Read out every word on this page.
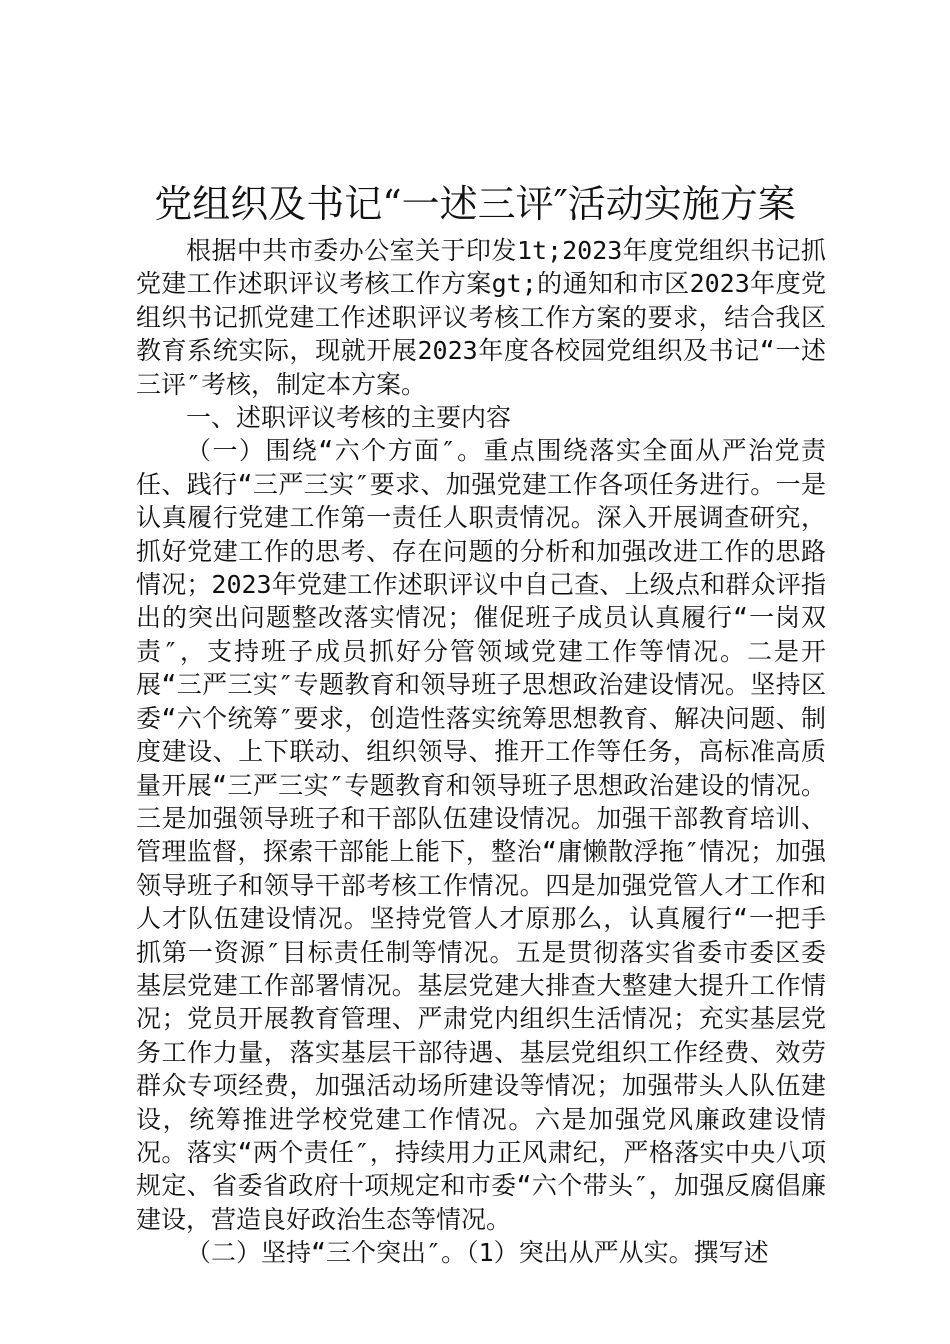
党组织及书记“一述三评″活动实施方案

根据中共市委办公室关于印发1t;2023年度党组织书记抓党建工作述职评议考核工作方案gt;的通知和市区2023年度党组织书记抓党建工作述职评议考核工作方案的要求，结合我区教育系统实际，现就开展2023年度各校园党组织及书记“一述三评″考核，制定本方案。

一、述职评议考核的主要内容

（一）围绕“六个方面″。重点围绕落实全面从严治党责任、践行“三严三实″要求、加强党建工作各项任务进行。一是认真履行党建工作第一责任人职责情况。深入开展调查研究，抓好党建工作的思考、存在问题的分析和加强改进工作的思路情况；2023年党建工作述职评议中自己查、上级点和群众评指出的突出问题整改落实情况；催促班子成员认真履行“一岗双责″，支持班子成员抓好分管领域党建工作等情况。二是开展“三严三实″专题教育和领导班子思想政治建设情况。坚持区委“六个统筹″要求，创造性落实统筹思想教育、解决问题、制度建设、上下联动、组织领导、推开工作等任务，高标准高质量开展“三严三实″专题教育和领导班子思想政治建设的情况。三是加强领导班子和干部队伍建设情况。加强干部教育培训、管理监督，探索干部能上能下，整治“庸懒散浮拖″情况；加强领导班子和领导干部考核工作情况。四是加强党管人才工作和人才队伍建设情况。坚持党管人才原那么，认真履行“一把手抓第一资源″目标责任制等情况。五是贯彻落实省委市委区委基层党建工作部署情况。基层党建大排查大整建大提升工作情况；党员开展教育管理、严肃党内组织生活情况；充实基层党务工作力量，落实基层干部待遇、基层党组织工作经费、效劳群众专项经费，加强活动场所建设等情况；加强带头人队伍建设，统筹推进学校党建工作情况。六是加强党风廉政建设情况。落实“两个责任″，持续用力正风肃纪，严格落实中央八项规定、省委省政府十项规定和市委“六个带头″，加强反腐倡廉建设，营造良好政治生态等情况。

（二）坚持“三个突出″。（1）突出从严从实。撰写述
